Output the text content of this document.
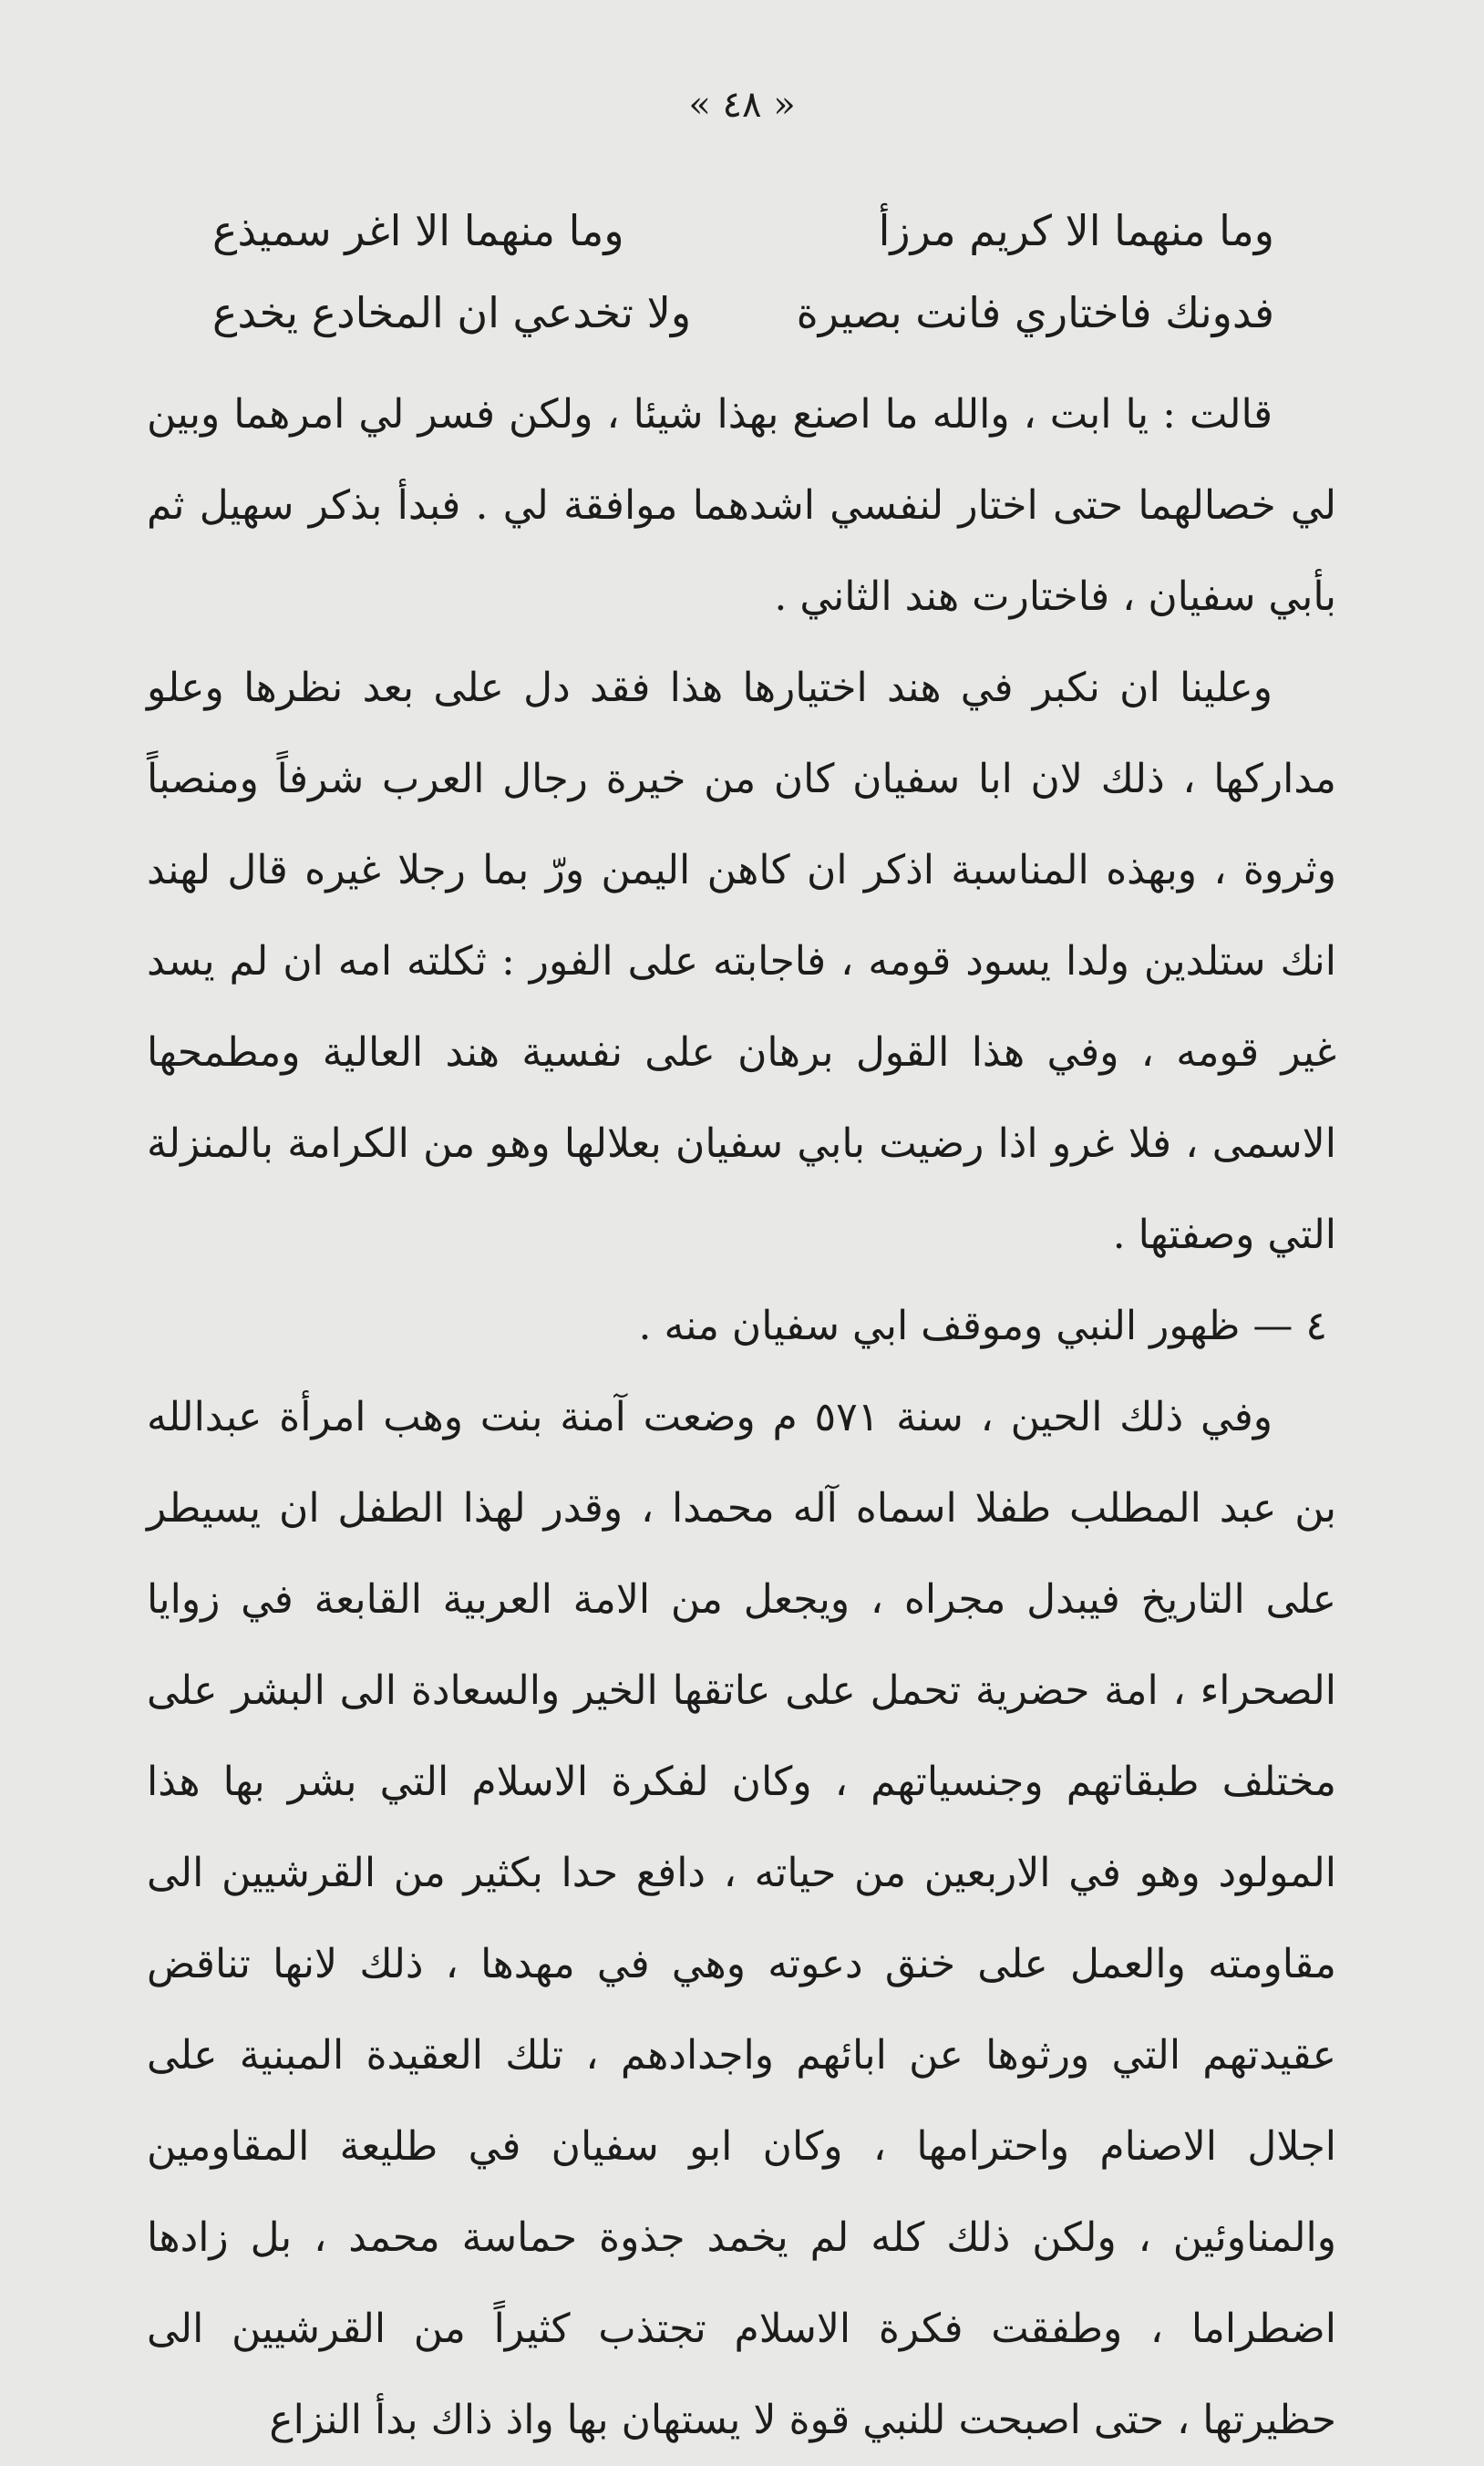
« ٤٨ »
وما منهما الا كريم مرزأ
وما منهما الا اغر سميذع
فدونك فاختاري فانت بصيرة
ولا تخدعي ان المخادع يخدع

قالت : يا ابت ، والله ما اصنع بهذا شيئا ، ولكن فسر لي امرهما وبين لي خصالهما حتى اختار لنفسي اشدهما موافقة لي . فبدأ بذكر سهيل ثم بأبي سفيان ، فاختارت هند الثاني .

وعلينا ان نكبر في هند اختيارها هذا فقد دل على بعد نظرها وعلو مداركها ، ذلك لان ابا سفيان كان من خيرة رجال العرب شرفاً ومنصباً وثروة ، وبهذه المناسبة اذكر ان كاهن اليمن ورّ بما رجلا غيره قال لهند انك ستلدين ولدا يسود قومه ، فاجابته على الفور : ثكلته امه ان لم يسد غير قومه ، وفي هذا القول برهان على نفسية هند العالية ومطمحها الاسمى ، فلا غرو اذا رضيت بابي سفيان بعلالها وهو من الكرامة بالمنزلة التي وصفتها .

٤ — ظهور النبي وموقف ابي سفيان منه .

وفي ذلك الحين ، سنة ٥٧١ م وضعت آمنة بنت وهب امرأة عبدالله بن عبد المطلب طفلا اسماه آله محمدا ، وقدر لهذا الطفل ان يسيطر على التاريخ فيبدل مجراه ، ويجعل من الامة العربية القابعة في زوايا الصحراء ، امة حضرية تحمل على عاتقها الخير والسعادة الى البشر على مختلف طبقاتهم وجنسياتهم ، وكان لفكرة الاسلام التي بشر بها هذا المولود وهو في الاربعين من حياته ، دافع حدا بكثير من القرشيين الى مقاومته والعمل على خنق دعوته وهي في مهدها ، ذلك لانها تناقض عقيدتهم التي ورثوها عن ابائهم واجدادهم ، تلك العقيدة المبنية على اجلال الاصنام واحترامها ، وكان ابو سفيان في طليعة المقاومين والمناوئين ، ولكن ذلك كله لم يخمد جذوة حماسة محمد ، بل زادها اضطراما ، وطفقت فكرة الاسلام تجتذب كثيراً من القرشيين الى حظيرتها ، حتى اصبحت للنبي قوة لا يستهان بها واذ ذاك بدأ النزاع
